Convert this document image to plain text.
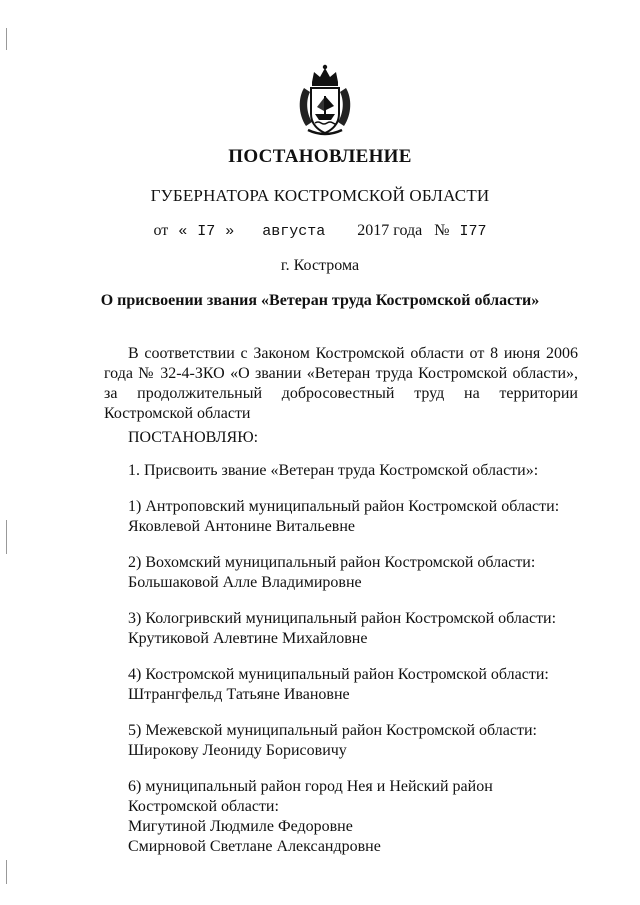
ПОСТАНОВЛЕНИЕ
ГУБЕРНАТОРА КОСТРОМСКОЙ ОБЛАСТИ
от « I7 » августа 2017 года № I77
г. Кострома
О присвоении звания «Ветеран труда Костромской области»
В соответствии с Законом Костромской области от 8 июня 2006 года № 32-4-ЗКО «О звании «Ветеран труда Костромской области», за продолжительный добросовестный труд на территории Костромской области
ПОСТАНОВЛЯЮ:
1. Присвоить звание «Ветеран труда Костромской области»:
1) Антроповский муниципальный район Костромской области:
Яковлевой Антонине Витальевне
2) Вохомский муниципальный район Костромской области:
Большаковой Алле Владимировне
3) Кологривский муниципальный район Костромской области:
Крутиковой Алевтине Михайловне
4) Костромской муниципальный район Костромской области:
Штрангфельд Татьяне Ивановне
5) Межевской муниципальный район Костромской области:
Широкову Леониду Борисовичу
6) муниципальный район город Нея и Нейский район Костромской области:
Мигутиной Людмиле Федоровне
Смирновой Светлане Александровне
